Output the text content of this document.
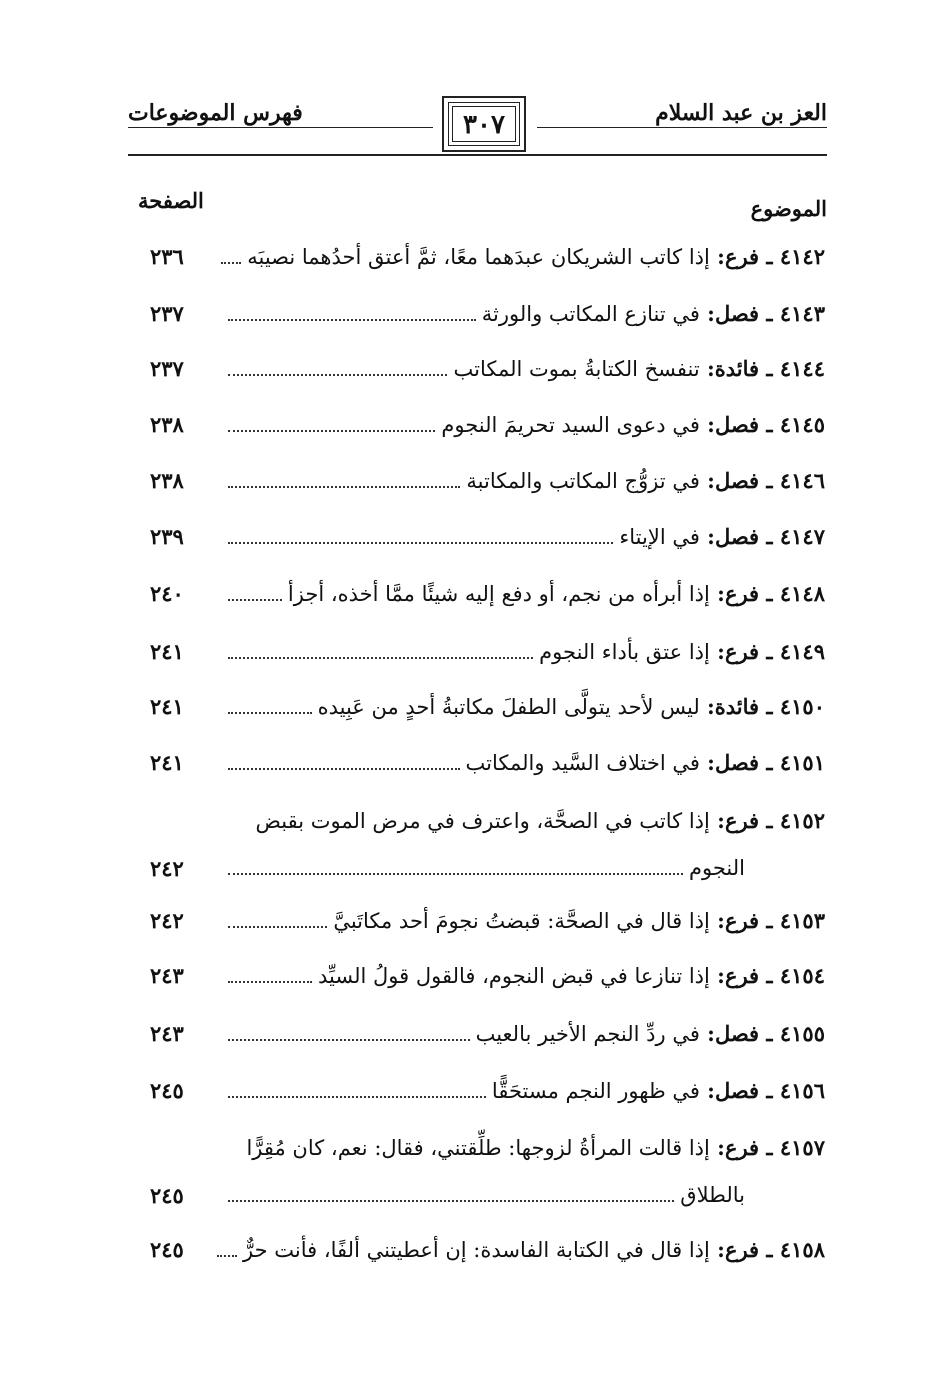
العز بن عبد السلام
فهرس الموضوعات	٣٠٧
الموضوع
الصفحة
٤١٤٢ ـ فرع: إذا كاتب الشريكان عبدَهما معًا، ثمَّ أعتق أحدُهما نصيبَه
٢٣٦
٤١٤٣ ـ فصل: في تنازع المكاتب والورثة
٢٣٧
٤١٤٤ ـ فائدة: تنفسخ الكتابةُ بموت المكاتب
٢٣٧
٤١٤٥ ـ فصل: في دعوى السيد تحريمَ النجوم
٢٣٨
٤١٤٦ ـ فصل: في تزوُّج المكاتب والمكاتبة
٢٣٨
٤١٤٧ ـ فصل: في الإيتاء
٢٣٩
٤١٤٨ ـ فرع: إذا أبرأه من نجم، أو دفع إليه شيئًا ممَّا أخذه، أجزأ
٢٤٠
٤١٤٩ ـ فرع: إذا عتق بأداء النجوم
٢٤١
٤١٥٠ ـ فائدة: ليس لأحد يتولَّى الطفلَ مكاتبةُ أحدٍ من عَبِيده
٢٤١
٤١٥١ ـ فصل: في اختلاف السَّيد والمكاتب
٢٤١
٤١٥٢ ـ فرع: إذا كاتب في الصحَّة، واعترف في مرض الموت بقبض
النجوم
٢٤٢
٤١٥٣ ـ فرع: إذا قال في الصحَّة: قبضتُ نجومَ أحد مكاتَبيَّ
٢٤٢
٤١٥٤ ـ فرع: إذا تنازعا في قبض النجوم، فالقول قولُ السيِّد
٢٤٣
٤١٥٥ ـ فصل: في ردِّ النجم الأخير بالعيب
٢٤٣
٤١٥٦ ـ فصل: في ظهور النجم مستحَقًّا
٢٤٥
٤١٥٧ ـ فرع: إذا قالت المرأةُ لزوجها: طلِّقتني، فقال: نعم، كان مُقِرًّا
بالطلاق
٢٤٥
٤١٥٨ ـ فرع: إذا قال في الكتابة الفاسدة: إن أعطيتني ألفًا، فأنت حرٌّ
٢٤٥
